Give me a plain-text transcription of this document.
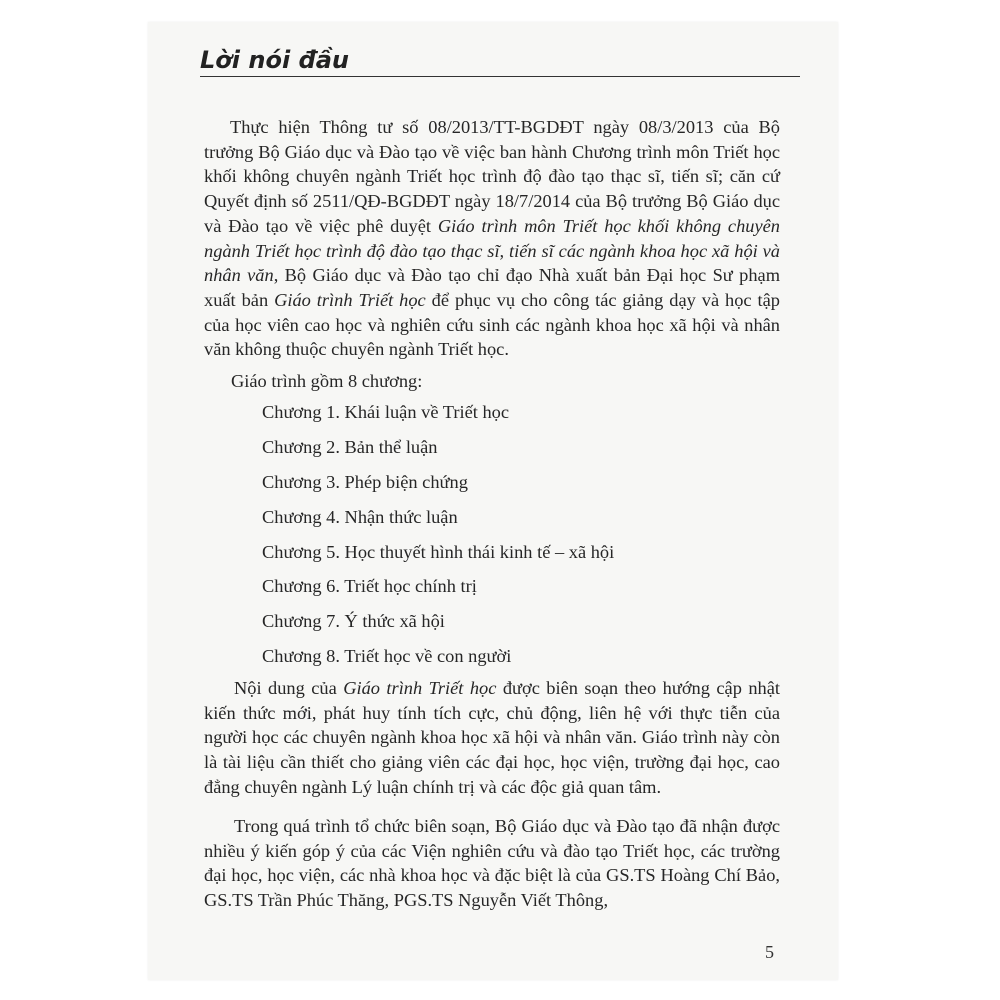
Lời nói đầu
Thực hiện Thông tư số 08/2013/TT-BGDĐT ngày 08/3/2013 của Bộ trưởng Bộ Giáo dục và Đào tạo về việc ban hành Chương trình môn Triết học khối không chuyên ngành Triết học trình độ đào tạo thạc sĩ, tiến sĩ; căn cứ Quyết định số 2511/QĐ-BGDĐT ngày 18/7/2014 của Bộ trưởng Bộ Giáo dục và Đào tạo về việc phê duyệt Giáo trình môn Triết học khối không chuyên ngành Triết học trình độ đào tạo thạc sĩ, tiến sĩ các ngành khoa học xã hội và nhân văn, Bộ Giáo dục và Đào tạo chỉ đạo Nhà xuất bản Đại học Sư phạm xuất bản Giáo trình Triết học để phục vụ cho công tác giảng dạy và học tập của học viên cao học và nghiên cứu sinh các ngành khoa học xã hội và nhân văn không thuộc chuyên ngành Triết học.
Giáo trình gồm 8 chương:
Chương 1. Khái luận về Triết học
Chương 2. Bản thể luận
Chương 3. Phép biện chứng
Chương 4. Nhận thức luận
Chương 5. Học thuyết hình thái kinh tế – xã hội
Chương 6. Triết học chính trị
Chương 7. Ý thức xã hội
Chương 8. Triết học về con người
Nội dung của Giáo trình Triết học được biên soạn theo hướng cập nhật kiến thức mới, phát huy tính tích cực, chủ động, liên hệ với thực tiễn của người học các chuyên ngành khoa học xã hội và nhân văn. Giáo trình này còn là tài liệu cần thiết cho giảng viên các đại học, học viện, trường đại học, cao đẳng chuyên ngành Lý luận chính trị và các độc giả quan tâm.
Trong quá trình tổ chức biên soạn, Bộ Giáo dục và Đào tạo đã nhận được nhiều ý kiến góp ý của các Viện nghiên cứu và đào tạo Triết học, các trường đại học, học viện, các nhà khoa học và đặc biệt là của GS.TS Hoàng Chí Bảo, GS.TS Trần Phúc Thăng, PGS.TS Nguyễn Viết Thông,
5
